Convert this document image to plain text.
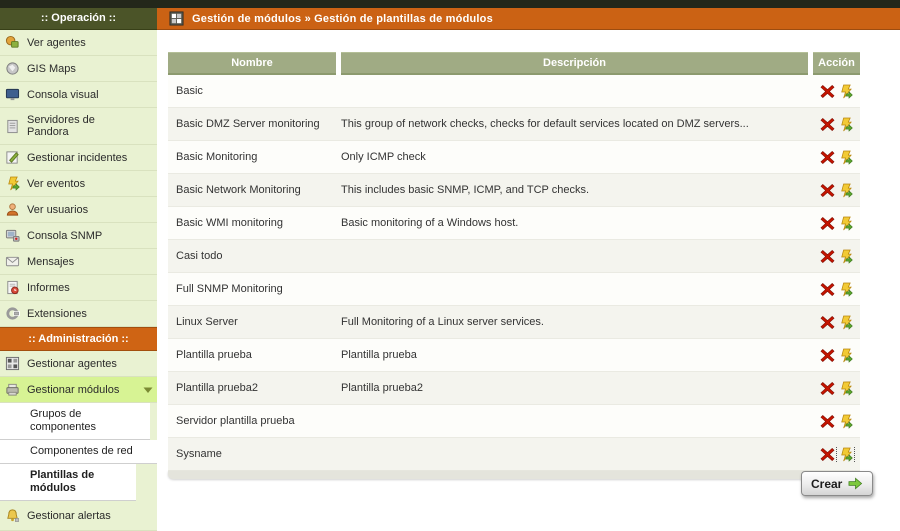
Gestión de módulos » Gestión de plantillas de módulos
:: Operación ::
Ver agentes
GIS Maps
Consola visual
Servidores de Pandora
Gestionar incidentes
Ver eventos
Ver usuarios
Consola SNMP
Mensajes
Informes
Extensiones
:: Administración ::
Gestionar agentes
Gestionar módulos
Grupos de componentes
Componentes de red
Plantillas de módulos
Gestionar alertas
Nombre	Descripción	Acción
Basic
Basic DMZ Server monitoring	This group of network checks, checks for default services located on DMZ servers...
Basic Monitoring	Only ICMP check
Basic Network Monitoring	This includes basic SNMP, ICMP, and TCP checks.
Basic WMI monitoring	Basic monitoring of a Windows host.
Casi todo
Full SNMP Monitoring
Linux Server	Full Monitoring of a Linux server services.
Plantilla prueba	Plantilla prueba
Plantilla prueba2	Plantilla prueba2
Servidor plantilla prueba
Sysname
Crear
